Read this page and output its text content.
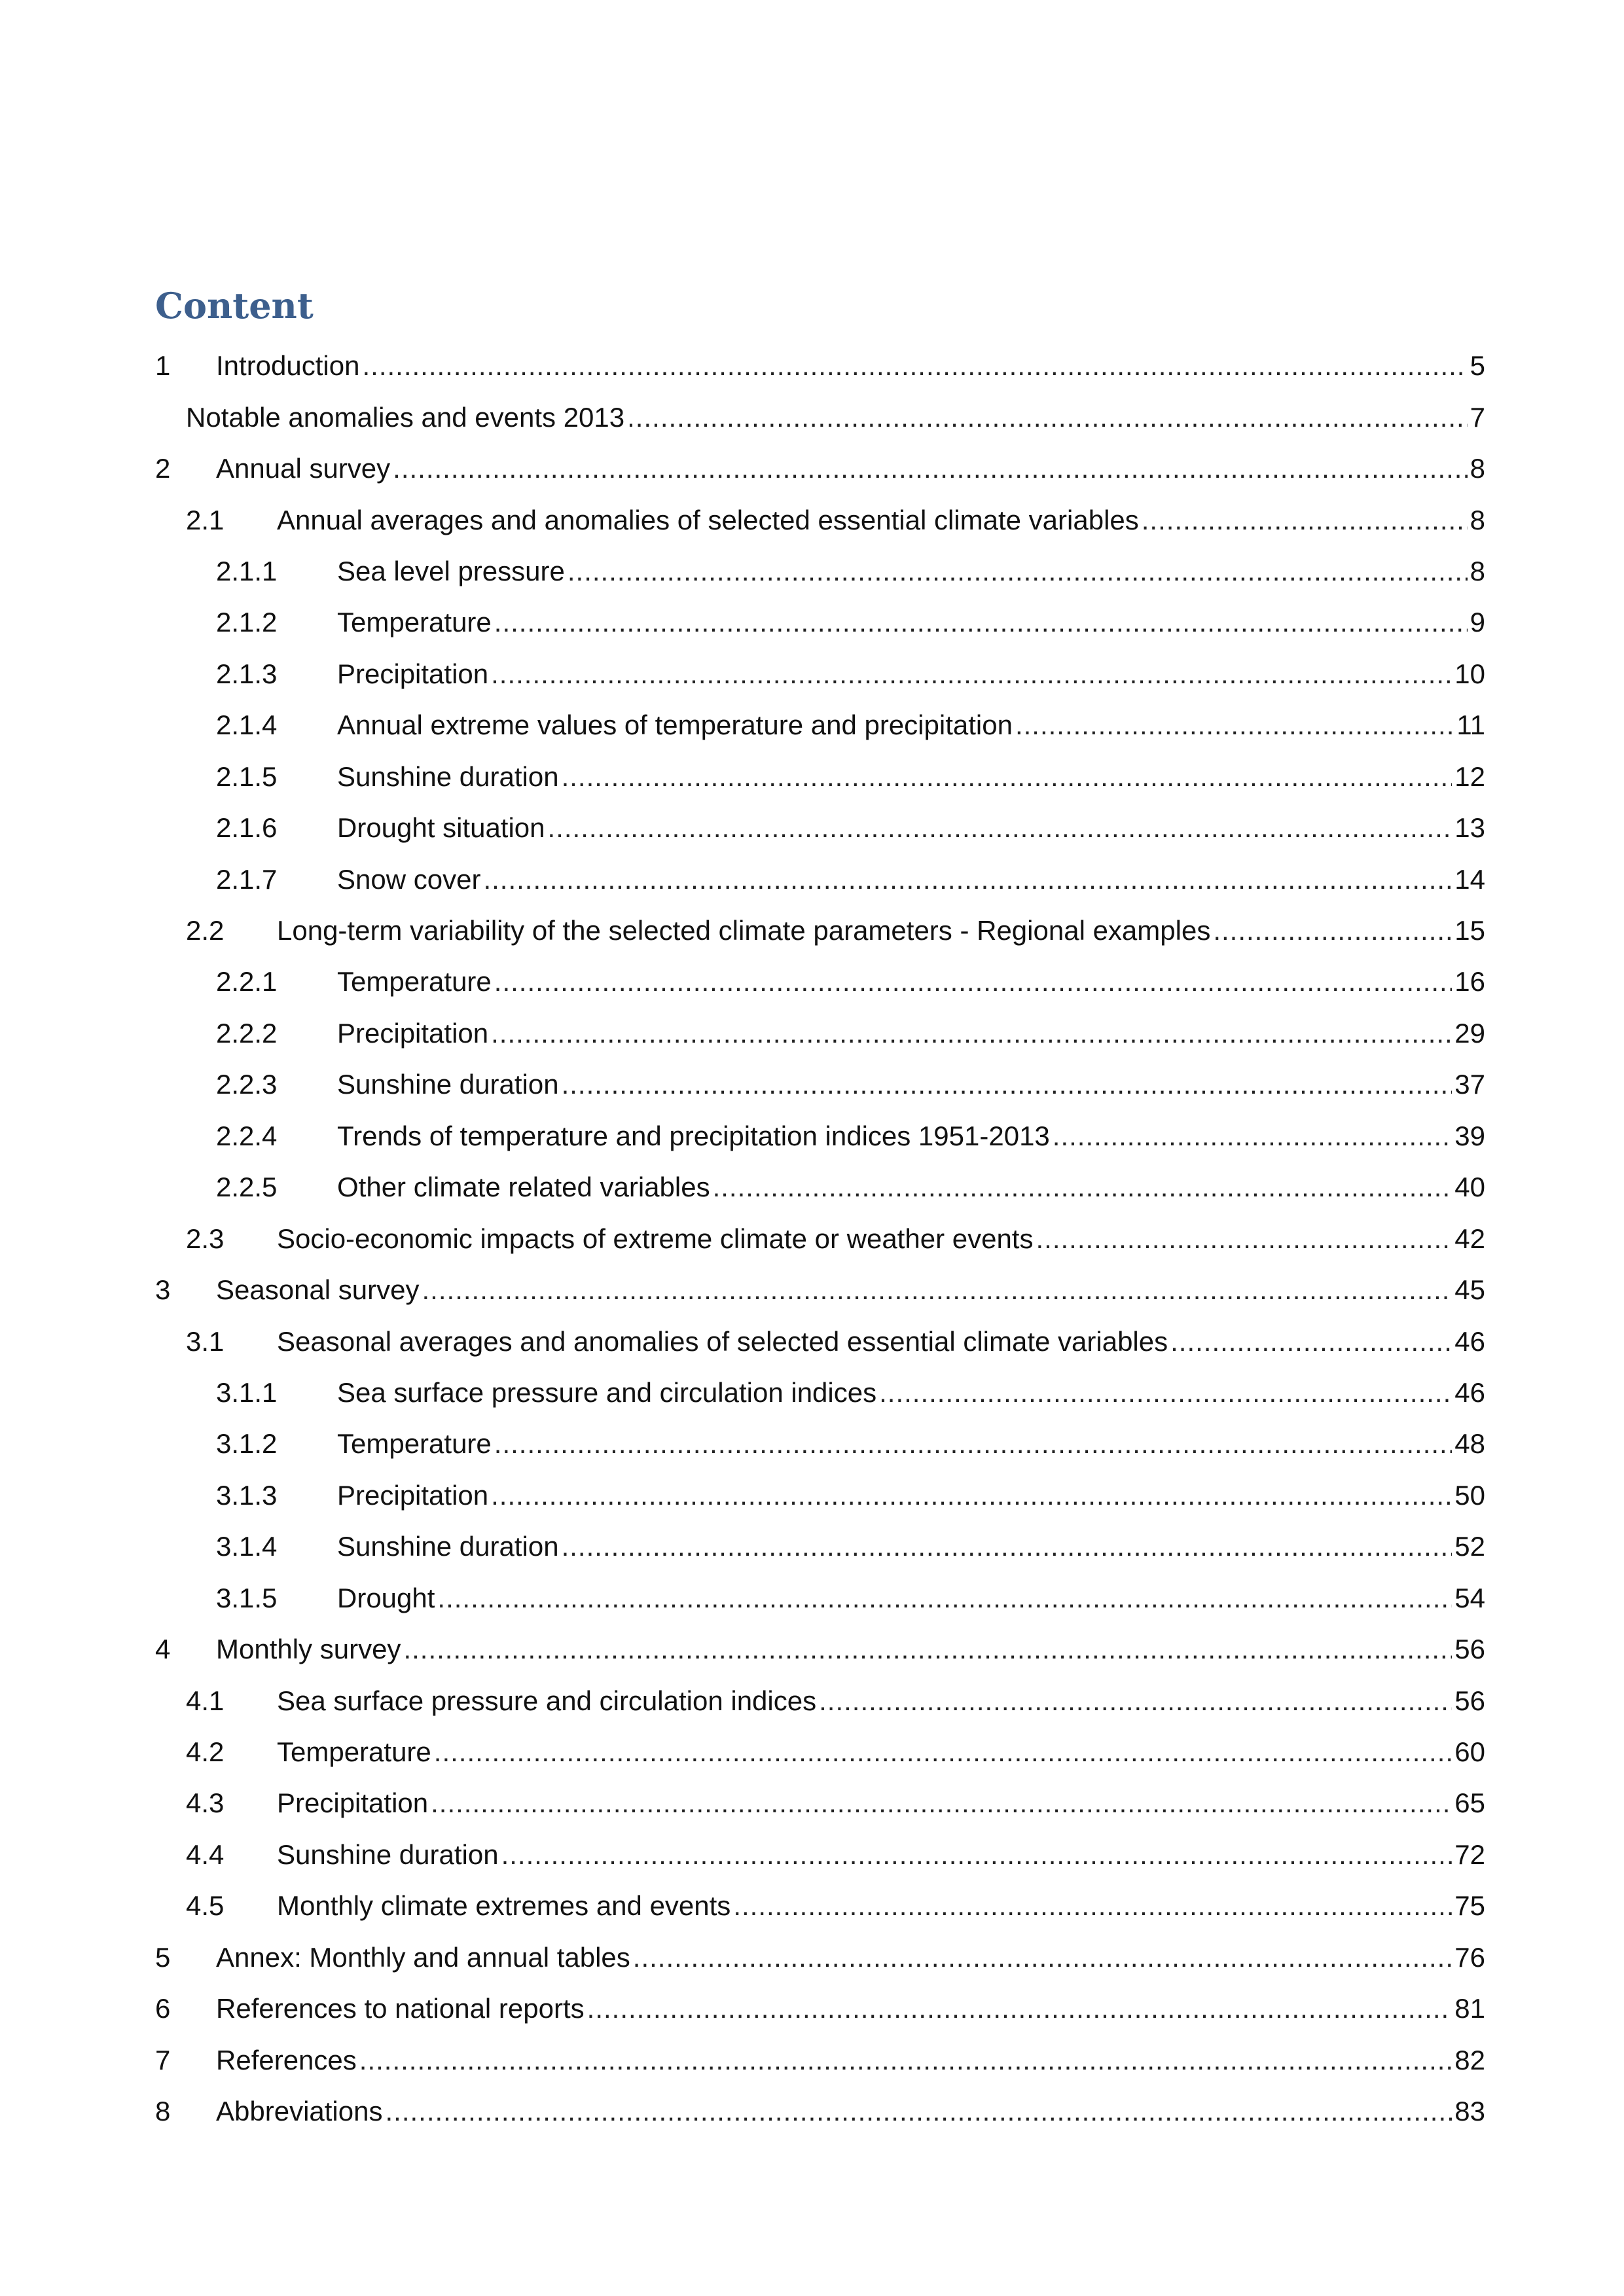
Content
1	Introduction .....	5
Notable anomalies and events 2013 .....	7
2	Annual survey .....	8
2.1	Annual averages and anomalies of selected essential climate variables .....	8
2.1.1	Sea level pressure .....	8
2.1.2	Temperature .....	9
2.1.3	Precipitation .....	10
2.1.4	Annual extreme values of temperature and precipitation .....	11
2.1.5	Sunshine duration .....	12
2.1.6	Drought situation .....	13
2.1.7	Snow cover .....	14
2.2	Long-term variability of the selected climate parameters - Regional examples .....	15
2.2.1	Temperature .....	16
2.2.2	Precipitation .....	29
2.2.3	Sunshine duration .....	37
2.2.4	Trends of temperature and precipitation indices 1951-2013 .....	39
2.2.5	Other climate related variables .....	40
2.3	Socio-economic impacts of extreme climate or weather events .....	42
3	Seasonal survey .....	45
3.1	Seasonal averages and anomalies of selected essential climate variables .....	46
3.1.1	Sea surface pressure and circulation indices .....	46
3.1.2	Temperature .....	48
3.1.3	Precipitation .....	50
3.1.4	Sunshine duration .....	52
3.1.5	Drought .....	54
4	Monthly survey .....	56
4.1	Sea surface pressure and circulation indices .....	56
4.2	Temperature .....	60
4.3	Precipitation .....	65
4.4	Sunshine duration .....	72
4.5	Monthly climate extremes and events .....	75
5	Annex: Monthly and annual tables .....	76
6	References to national reports .....	81
7	References .....	82
8	Abbreviations .....	83
